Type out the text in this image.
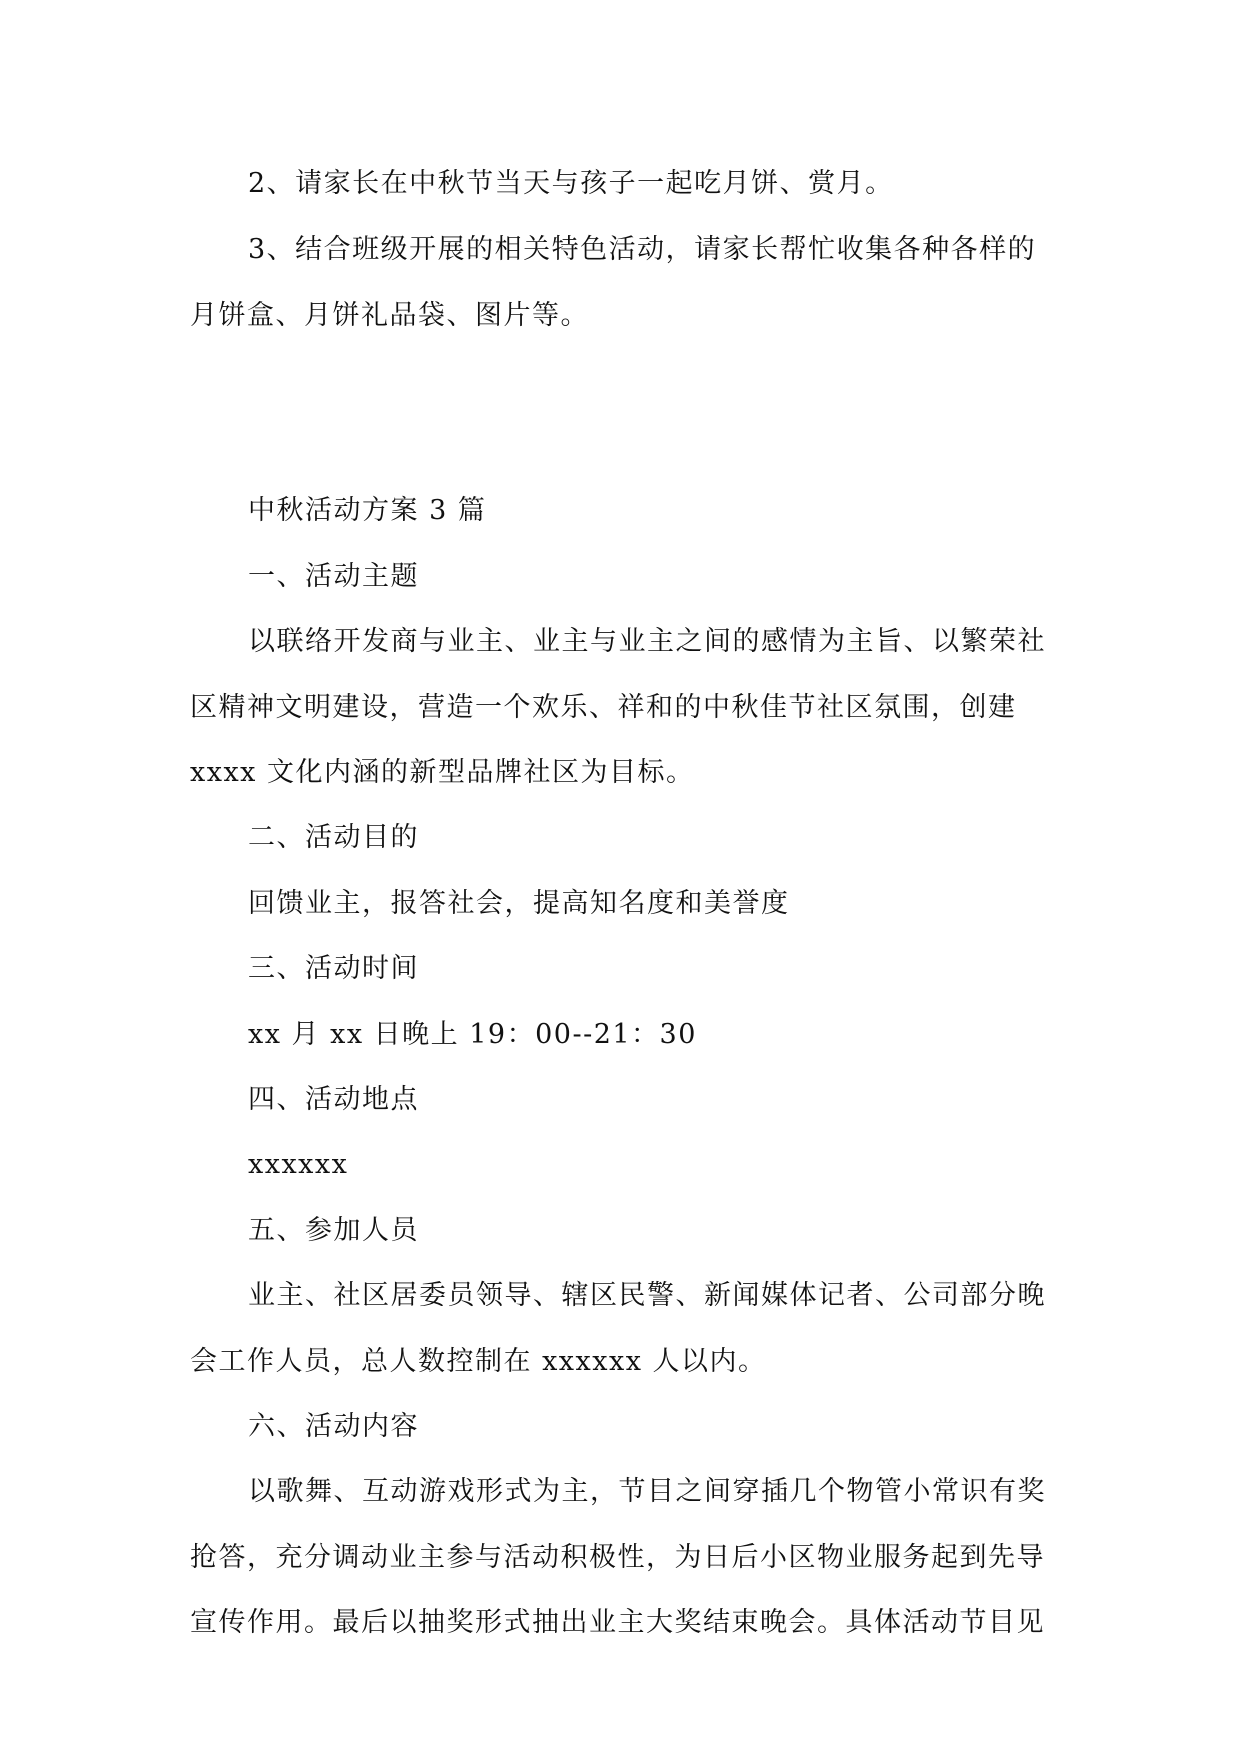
2、请家长在中秋节当天与孩子一起吃月饼、赏月。

3、结合班级开展的相关特色活动，请家长帮忙收集各种各样的

月饼盒、月饼礼品袋、图片等。

中秋活动方案 3 篇

一、活动主题

以联络开发商与业主、业主与业主之间的感情为主旨、以繁荣社

区精神文明建设，营造一个欢乐、祥和的中秋佳节社区氛围，创建

xxxx 文化内涵的新型品牌社区为目标。

二、活动目的

回馈业主，报答社会，提高知名度和美誉度

三、活动时间

xx 月 xx 日晚上 19：00--21：30

四、活动地点

xxxxxx

五、参加人员

业主、社区居委员领导、辖区民警、新闻媒体记者、公司部分晚

会工作人员，总人数控制在 xxxxxx 人以内。

六、活动内容

以歌舞、互动游戏形式为主，节目之间穿插几个物管小常识有奖

抢答，充分调动业主参与活动积极性，为日后小区物业服务起到先导

宣传作用。最后以抽奖形式抽出业主大奖结束晚会。具体活动节目见
